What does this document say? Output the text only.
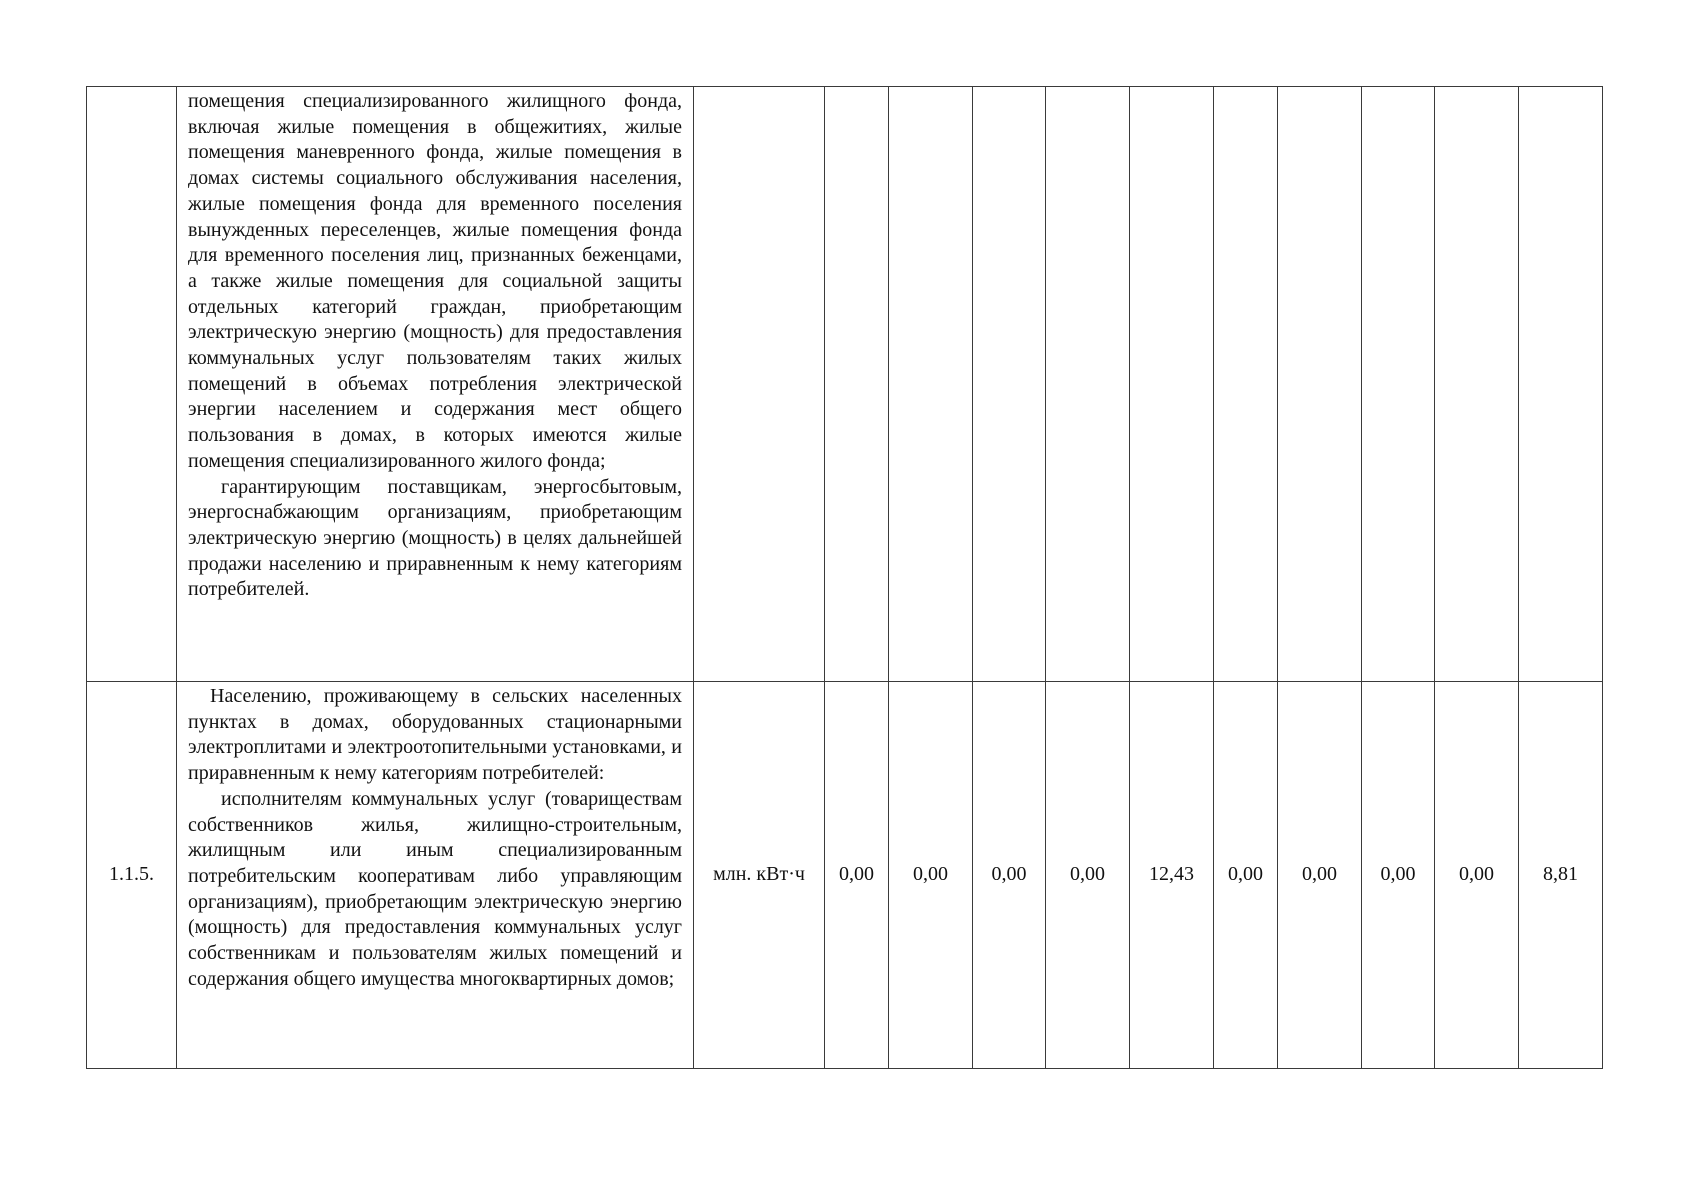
	помещения специализированного жилищного фонда, включая жилые помещения в общежитиях, жилые помещения маневренного фонда, жилые помещения в домах системы социального обслуживания населения, жилые помещения фонда для временного поселения вынужденных переселенцев, жилые помещения фонда для временного поселения лиц, признанных беженцами, а также жилые помещения для социальной защиты отдельных категорий граждан, приобретающим электрическую энергию (мощность) для предоставления коммунальных услуг пользователям таких жилых помещений в объемах потребления электрической энергии населением и содержания мест общего пользования в домах, в которых имеются жилые помещения специализированного жилого фонда;

гарантирующим поставщикам, энергосбытовым, энергоснабжающим организациям, приобретающим электрическую энергию (мощность) в целях дальнейшей продажи населению и приравненным к нему категориям потребителей.											

1.1.5.	Населению, проживающему в сельских населенных пунктах в домах, оборудованных стационарными электроплитами и электроотопительными установками, и приравненным к нему категориям потребителей:

исполнителям коммунальных услуг (товариществам собственников жилья, жилищно-строительным, жилищным или иным специализированным потребительским кооперативам либо управляющим организациям), приобретающим электрическую энергию (мощность) для предоставления коммунальных услуг собственникам и пользователям жилых помещений и содержания общего имущества многоквартирных домов;	млн. кВт·ч	0,00	0,00	0,00	0,00	12,43	0,00	0,00	0,00	0,00	8,81
